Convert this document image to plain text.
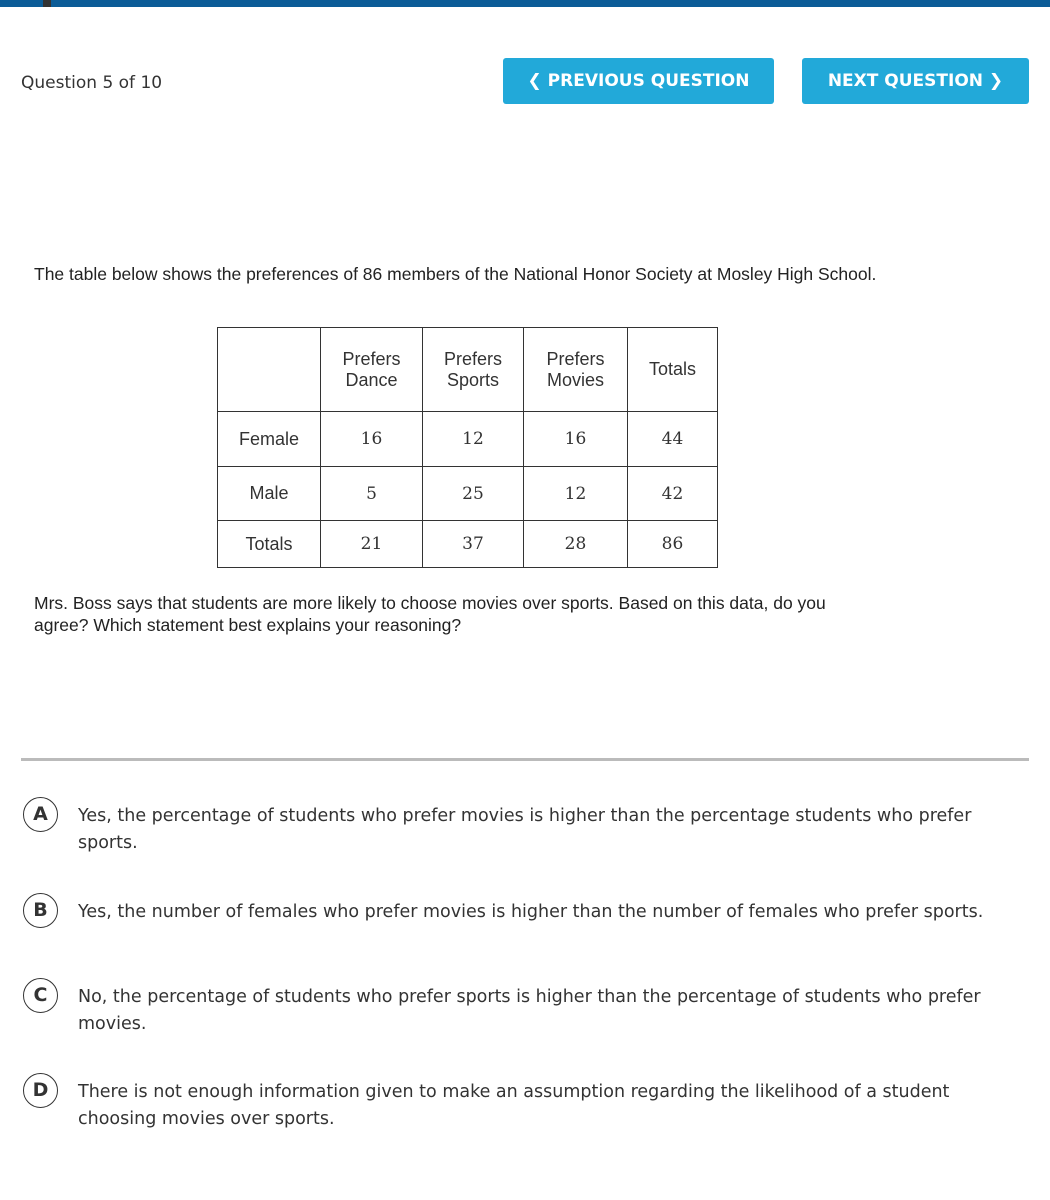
Question 5 of 10	❮ PREVIOUS QUESTION	NEXT QUESTION ❯
The table below shows the preferences of 86 members of the National Honor Society at Mosley High School.
	Prefers Dance	Prefers Sports	Prefers Movies	Totals
Female	16	12	16	44
Male	5	25	12	42
Totals	21	37	28	86
Mrs. Boss says that students are more likely to choose movies over sports. Based on this data, do you agree? Which statement best explains your reasoning?
A	Yes, the percentage of students who prefer movies is higher than the percentage students who prefer sports.
B	Yes, the number of females who prefer movies is higher than the number of females who prefer sports.
C	No, the percentage of students who prefer sports is higher than the percentage of students who prefer movies.
D	There is not enough information given to make an assumption regarding the likelihood of a student choosing movies over sports.
